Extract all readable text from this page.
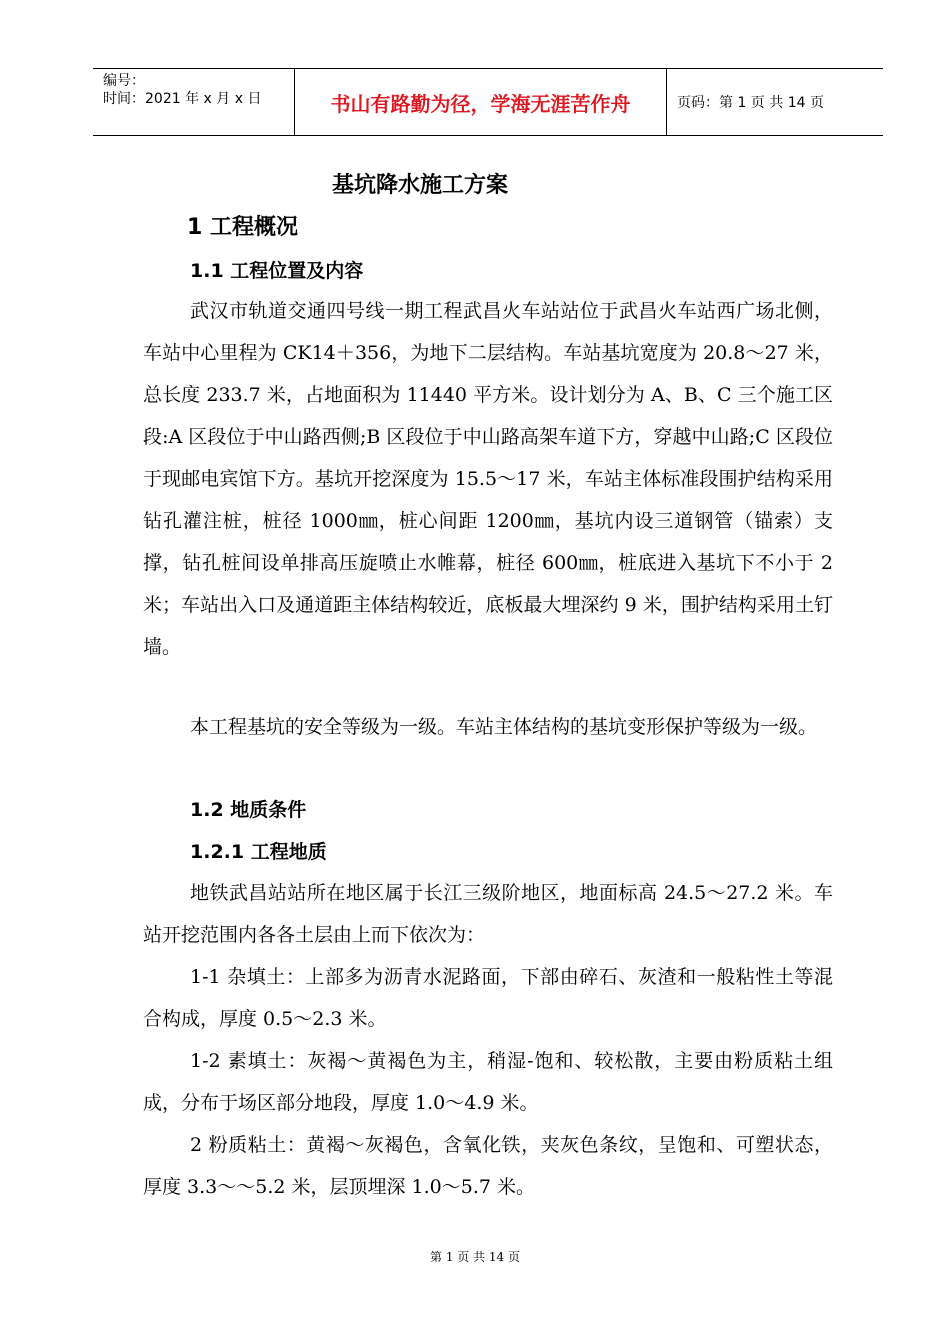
编号：
时间：2021 年 x 月 x 日	书山有路勤为径，学海无涯苦作舟	页码：第 1 页 共 14 页
基坑降水施工方案
1 工程概况
1.1 工程位置及内容
武汉市轨道交通四号线一期工程武昌火车站站位于武昌火车站西广场北侧，车站中心里程为 CK14＋356，为地下二层结构。车站基坑宽度为 20.8～27 米，总长度 233.7 米，占地面积为 11440 平方米。设计划分为 A、B、C 三个施工区段:A 区段位于中山路西侧;B 区段位于中山路高架车道下方，穿越中山路;C 区段位于现邮电宾馆下方。基坑开挖深度为 15.5～17 米，车站主体标准段围护结构采用钻孔灌注桩，桩径 1000㎜，桩心间距 1200㎜，基坑内设三道钢管（锚索）支撑，钻孔桩间设单排高压旋喷止水帷幕，桩径 600㎜，桩底进入基坑下不小于 2 米；车站出入口及通道距主体结构较近，底板最大埋深约 9 米，围护结构采用土钉墙。
本工程基坑的安全等级为一级。车站主体结构的基坑变形保护等级为一级。
1.2 地质条件
1.2.1 工程地质
地铁武昌站站所在地区属于长江三级阶地区，地面标高 24.5～27.2 米。车站开挖范围内各各土层由上而下依次为：
1-1 杂填土：上部多为沥青水泥路面，下部由碎石、灰渣和一般粘性土等混合构成，厚度 0.5～2.3 米。
1-2 素填土：灰褐～黄褐色为主，稍湿-饱和、较松散，主要由粉质粘土组成，分布于场区部分地段，厚度 1.0～4.9 米。
2 粉质粘土：黄褐～灰褐色，含氧化铁，夹灰色条纹，呈饱和、可塑状态，厚度 3.3～～5.2 米，层顶埋深 1.0～5.7 米。
第 1 页 共 14 页
